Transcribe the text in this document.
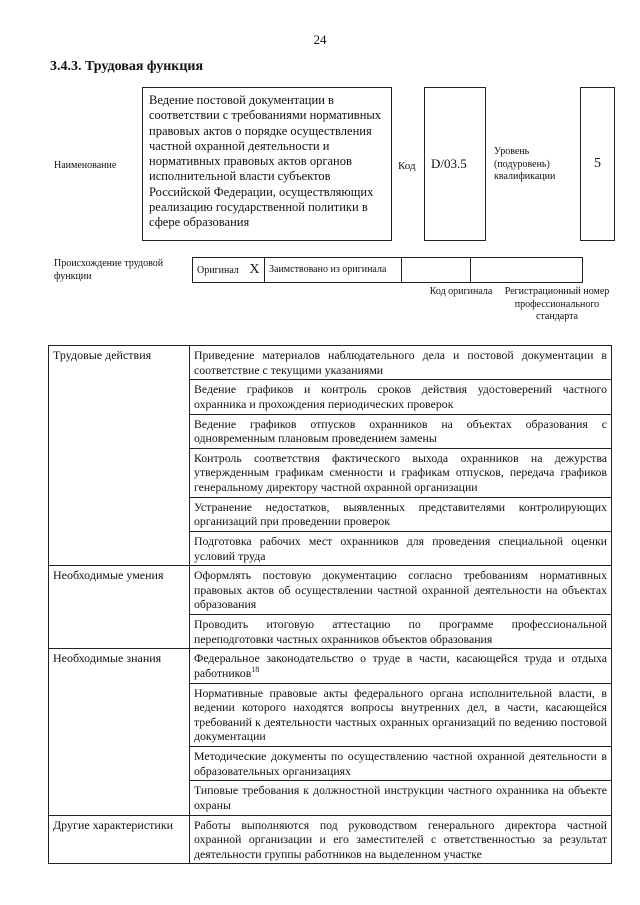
24
3.4.3. Трудовая функция
Наименование
Ведение постовой документации в соответствии с требованиями нормативных правовых актов о порядке осуществления частной охранной деятельности и нормативных правовых актов органов исполнительной власти субъектов Российской Федерации, осуществляющих реализацию государственной политики в сфере образования
Код	D/03.5
Уровень (подуровень) квалификации
5
Происхождение трудовой функции
Оригинал X	Заимствовано из оригинала		
Код оригинала	Регистрационный номер профессионального стандарта
Трудовые действия	Приведение материалов наблюдательного дела и постовой документации в соответствие с текущими указаниями
	Ведение графиков и контроль сроков действия удостоверений частного охранника и прохождения периодических проверок
	Ведение графиков отпусков охранников на объектах образования с одновременным плановым проведением замены
	Контроль соответствия фактического выхода охранников на дежурства утвержденным графикам сменности и графикам отпусков, передача графиков генеральному директору частной охранной организации
	Устранение недостатков, выявленных представителями контролирующих организаций при проведении проверок
	Подготовка рабочих мест охранников для проведения специальной оценки условий труда
Необходимые умения	Оформлять постовую документацию согласно требованиям нормативных правовых актов об осуществлении частной охранной деятельности на объектах образования
	Проводить итоговую аттестацию по программе профессиональной переподготовки частных охранников объектов образования
Необходимые знания	Федеральное законодательство о труде в части, касающейся труда и отдыха работников$^{18}$
	Нормативные правовые акты федерального органа исполнительной власти, в ведении которого находятся вопросы внутренних дел, в части, касающейся требований к деятельности частных охранных организаций по ведению постовой документации
	Методические документы по осуществлению частной охранной деятельности в образовательных организациях
	Типовые требования к должностной инструкции частного охранника на объекте охраны
Другие характеристики	Работы выполняются под руководством генерального директора частной охранной организации и его заместителей с ответственностью за результат деятельности группы работников на выделенном участке
